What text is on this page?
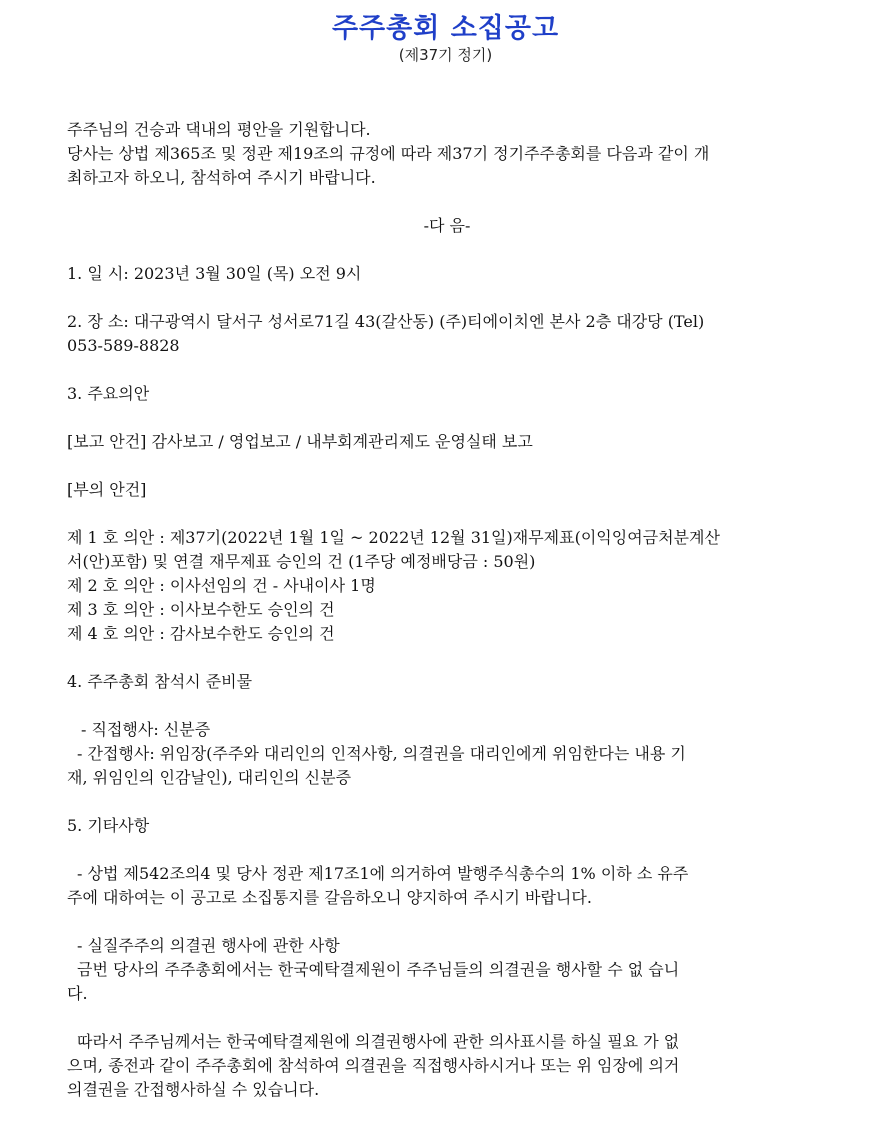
주주총회 소집공고
(제37기 정기)
주주님의 건승과 댁내의 평안을 기원합니다.
당사는 상법 제365조 및 정관 제19조의 규정에 따라 제37기 정기주주총회를 다음과 같이 개
최하고자 하오니, 참석하여 주시기 바랍니다.
-다 음-
1. 일 시: 2023년 3월 30일 (목) 오전 9시
2. 장 소: 대구광역시 달서구 성서로71길 43(갈산동) (주)티에이치엔 본사 2층 대강당 (Tel)
053-589-8828
3. 주요의안
[보고 안건] 감사보고 / 영업보고 / 내부회계관리제도 운영실태 보고
[부의 안건]
제 1 호 의안 : 제37기(2022년 1월 1일 ~ 2022년 12월 31일)재무제표(이익잉여금처분계산
서(안)포함) 및 연결 재무제표 승인의 건 (1주당 예정배당금 : 50원)
제 2 호 의안 : 이사선임의 건 - 사내이사 1명
제 3 호 의안 : 이사보수한도 승인의 건
제 4 호 의안 : 감사보수한도 승인의 건
4. 주주총회 참석시 준비물
- 직접행사: 신분증
- 간접행사: 위임장(주주와 대리인의 인적사항, 의결권을 대리인에게 위임한다는 내용 기
재, 위임인의 인감날인), 대리인의 신분증
5. 기타사항
- 상법 제542조의4 및 당사 정관 제17조1에 의거하여 발행주식총수의 1% 이하 소 유주
주에 대하여는 이 공고로 소집통지를 갈음하오니 양지하여 주시기 바랍니다.
- 실질주주의 의결권 행사에 관한 사항
금번 당사의 주주총회에서는 한국예탁결제원이 주주님들의 의결권을 행사할 수 없 습니
다.
따라서 주주님께서는 한국예탁결제원에 의결권행사에 관한 의사표시를 하실 필요 가 없
으며, 종전과 같이 주주총회에 참석하여 의결권을 직접행사하시거나 또는 위 임장에 의거
의결권을 간접행사하실 수 있습니다.
